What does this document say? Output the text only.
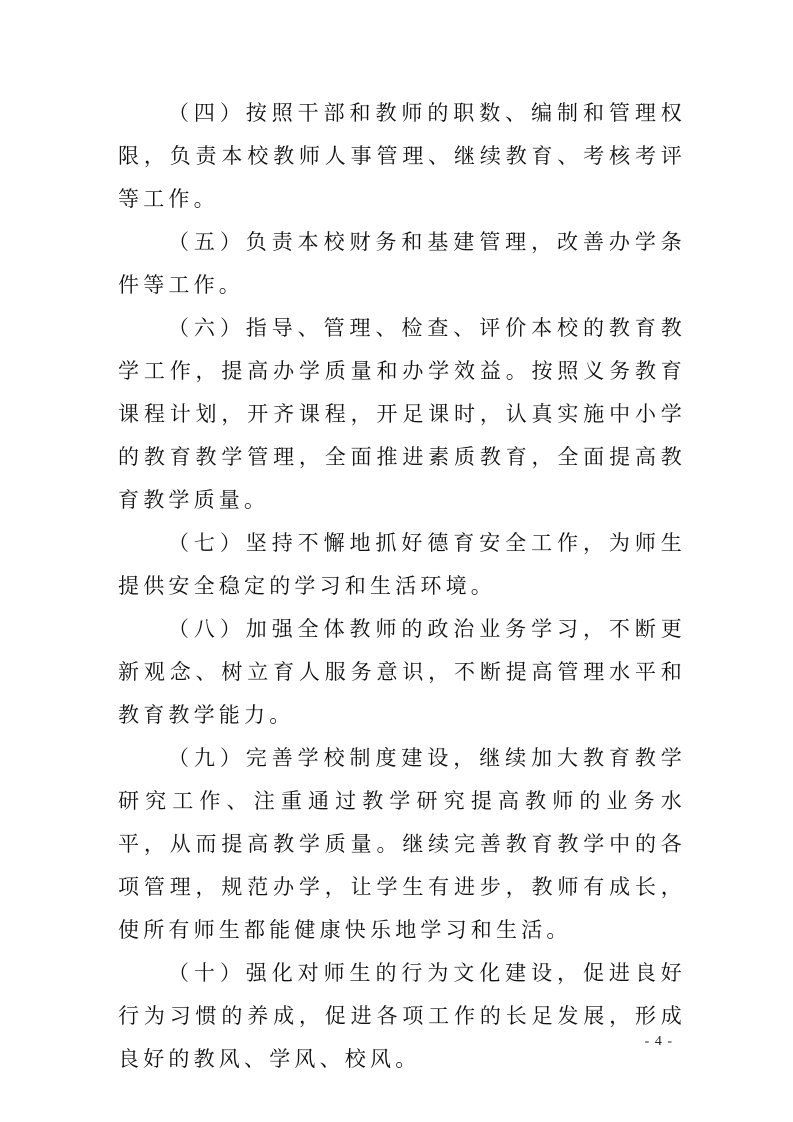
（四）按照干部和教师的职数、编制和管理权限，负责本校教师人事管理、继续教育、考核考评等工作。

（五）负责本校财务和基建管理，改善办学条件等工作。

（六）指导、管理、检查、评价本校的教育教学工作，提高办学质量和办学效益。按照义务教育课程计划，开齐课程，开足课时，认真实施中小学的教育教学管理，全面推进素质教育，全面提高教育教学质量。

（七）坚持不懈地抓好德育安全工作，为师生提供安全稳定的学习和生活环境。

（八）加强全体教师的政治业务学习，不断更新观念、树立育人服务意识，不断提高管理水平和教育教学能力。

（九）完善学校制度建设，继续加大教育教学研究工作、注重通过教学研究提高教师的业务水平，从而提高教学质量。继续完善教育教学中的各项管理，规范办学，让学生有进步，教师有成长，使所有师生都能健康快乐地学习和生活。

（十）强化对师生的行为文化建设，促进良好行为习惯的养成，促进各项工作的长足发展，形成良好的教风、学风、校风。

- 4 -
